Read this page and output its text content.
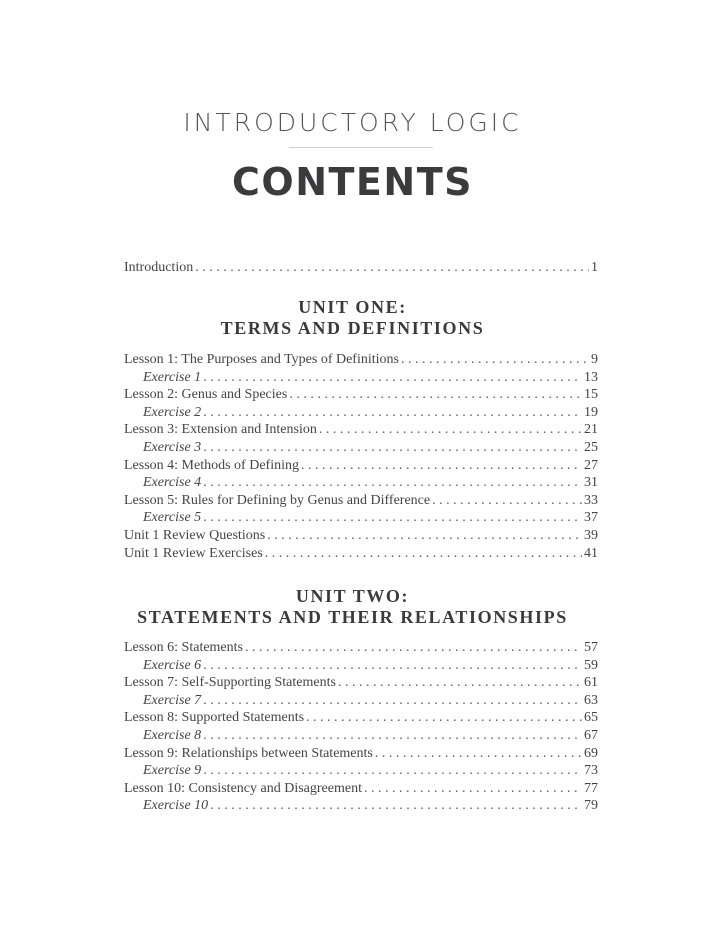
INTRODUCTORY LOGIC
CONTENTS
Introduction . . .	1
UNIT ONE:
TERMS AND DEFINITIONS
Lesson 1: The Purposes and Types of Definitions . . .	9
Exercise 1 . . .	13
Lesson 2: Genus and Species . . .	15
Exercise 2 . . .	19
Lesson 3: Extension and Intension . . .	21
Exercise 3 . . .	25
Lesson 4: Methods of Defining . . .	27
Exercise 4 . . .	31
Lesson 5: Rules for Defining by Genus and Difference . . .	33
Exercise 5 . . .	37
Unit 1 Review Questions . . .	39
Unit 1 Review Exercises . . .	41
UNIT TWO:
STATEMENTS AND THEIR RELATIONSHIPS
Lesson 6: Statements . . .	57
Exercise 6 . . .	59
Lesson 7: Self-Supporting Statements . . .	61
Exercise 7 . . .	63
Lesson 8: Supported Statements . . .	65
Exercise 8 . . .	67
Lesson 9: Relationships between Statements . . .	69
Exercise 9 . . .	73
Lesson 10: Consistency and Disagreement . . .	77
Exercise 10 . . .	79
